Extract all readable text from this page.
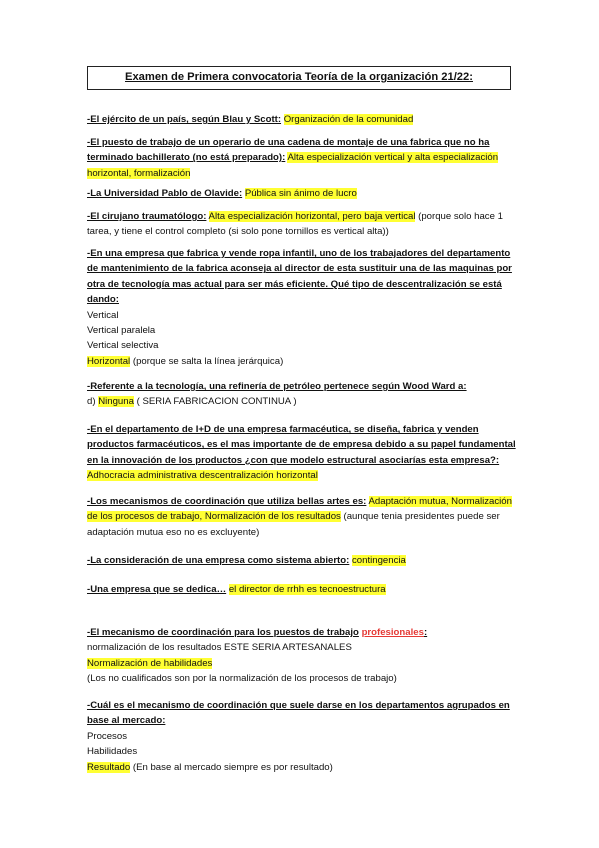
Examen de Primera convocatoria Teoría de la organización 21/22:
-El ejército de un país, según Blau y Scott: Organización de la comunidad
-El puesto de trabajo de un operario de una cadena de montaje de una fabrica que no ha terminado bachillerato (no está preparado): Alta especialización vertical y alta especialización horizontal, formalización
-La Universidad Pablo de Olavide: Pública sin ánimo de lucro
-El cirujano traumatólogo: Alta especialización horizontal, pero baja vertical (porque solo hace 1 tarea, y tiene el control completo (si solo pone tornillos es vertical alta))
-En una empresa que fabrica y vende ropa infantil, uno de los trabajadores del departamento de mantenimiento de la fabrica aconseja al director de esta sustituir una de las maquinas por otra de tecnología mas actual para ser más eficiente. Qué tipo de descentralización se está dando:
Vertical
Vertical paralela
Vertical selectiva
Horizontal (porque se salta la línea jerárquica)
-Referente a la tecnología, una refinería de petróleo pertenece según Wood Ward a:
d) Ninguna ( SERIA FABRICACION CONTINUA )
-En el departamento de I+D de una empresa farmacéutica, se diseña, fabrica y venden productos farmacéuticos, es el mas importante de de empresa debido a su papel fundamental en la innovación de los productos ¿con que modelo estructural asociarías esta empresa?: Adhocracia administrativa descentralización horizontal
-Los mecanismos de coordinación que utiliza bellas artes es: Adaptación mutua, Normalización de los procesos de trabajo, Normalización de los resultados (aunque tenia presidentes puede ser adaptación mutua eso no es excluyente)
-La consideración de una empresa como sistema abierto: contingencia
-Una empresa que se dedica… el director de rrhh es tecnoestructura
-El mecanismo de coordinación para los puestos de trabajo profesionales:
normalización de los resultados ESTE SERIA ARTESANALES
Normalización de habilidades
(Los no cualificados son por la normalización de los procesos de trabajo)
-Cuál es el mecanismo de coordinación que suele darse en los departamentos agrupados en base al mercado:
Procesos
Habilidades
Resultado (En base al mercado siempre es por resultado)
